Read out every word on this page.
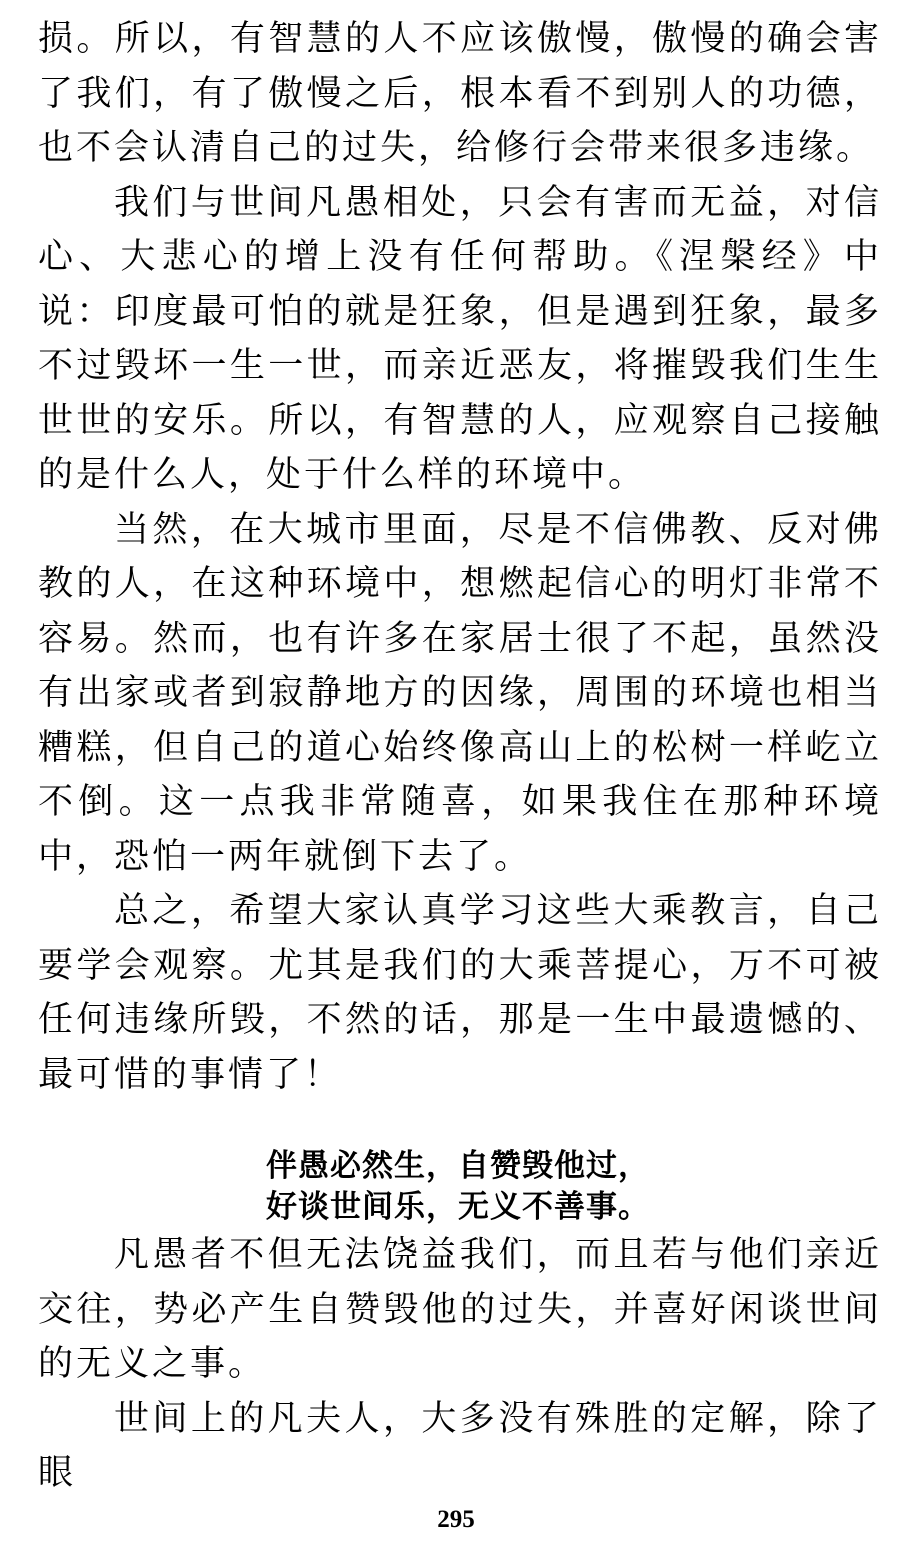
损。所以，有智慧的人不应该傲慢，傲慢的确会害了我们，有了傲慢之后，根本看不到别人的功德，也不会认清自己的过失，给修行会带来很多违缘。

我们与世间凡愚相处，只会有害而无益，对信心、大悲心的增上没有任何帮助。《涅槃经》中说：印度最可怕的就是狂象，但是遇到狂象，最多不过毁坏一生一世，而亲近恶友，将摧毁我们生生世世的安乐。所以，有智慧的人，应观察自己接触的是什么人，处于什么样的环境中。

当然，在大城市里面，尽是不信佛教、反对佛教的人，在这种环境中，想燃起信心的明灯非常不容易。然而，也有许多在家居士很了不起，虽然没有出家或者到寂静地方的因缘，周围的环境也相当糟糕，但自己的道心始终像高山上的松树一样屹立不倒。这一点我非常随喜，如果我住在那种环境中，恐怕一两年就倒下去了。

总之，希望大家认真学习这些大乘教言，自己要学会观察。尤其是我们的大乘菩提心，万不可被任何违缘所毁，不然的话，那是一生中最遗憾的、最可惜的事情了！

伴愚必然生，自赞毁他过，
好谈世间乐，无义不善事。

凡愚者不但无法饶益我们，而且若与他们亲近交往，势必产生自赞毁他的过失，并喜好闲谈世间的无义之事。

世间上的凡夫人，大多没有殊胜的定解，除了眼

295
